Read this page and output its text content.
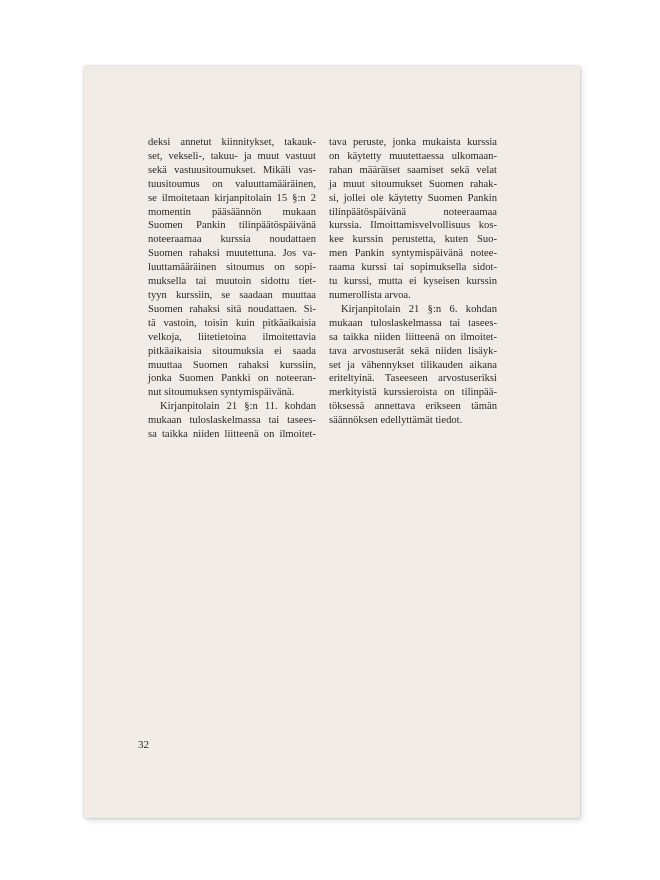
deksi annetut kiinnitykset, takauk-
set, vekseli-, takuu- ja muut vastuut
sekä vastuusitoumukset. Mikäli vas-
tuusitoumus on valuuttamääräinen,
se ilmoitetaan kirjanpitolain 15 §:n 2
momentin pääsäännön mukaan
Suomen Pankin tilinpäätöspäivänä
noteeraamaa kurssia noudattaen
Suomen rahaksi muutettuna. Jos va-
luuttamääräinen sitoumus on sopi-
muksella tai muutoin sidottu tiet-
tyyn kurssiin, se saadaan muuttaa
Suomen rahaksi sitä noudattaen. Si-
tä vastoin, toisin kuin pitkäaikaisia
velkoja, liitetietoina ilmoitettavia
pitkäaikaisia sitoumuksia ei saada
muuttaa Suomen rahaksi kurssiin,
jonka Suomen Pankki on noteeran-
nut sitoumuksen syntymispäivänä.
Kirjanpitolain 21 §:n 11. kohdan
mukaan tuloslaskelmassa tai tasees-
sa taikka niiden liitteenä on ilmoitet-
tava peruste, jonka mukaista kurssia
on käytetty muutettaessa ulkomaan-
rahan määräiset saamiset sekä velat
ja muut sitoumukset Suomen rahak-
si, jollei ole käytetty Suomen Pankin
tilinpäätöspäivänä noteeraamaa
kurssia. Ilmoittamisvelvollisuus kos-
kee kurssin perustetta, kuten Suo-
men Pankin syntymispäivänä notee-
raama kurssi tai sopimuksella sidot-
tu kurssi, mutta ei kyseisen kurssin
numerollista arvoa.
Kirjanpitolain 21 §:n 6. kohdan
mukaan tuloslaskelmassa tai tasees-
sa taikka niiden liitteenä on ilmoitet-
tava arvostuserät sekä niiden lisäyk-
set ja vähennykset tilikauden aikana
eriteltyinä. Taseeseen arvostuseriksi
merkityistä kurssieroista on tilinpää-
töksessä annettava erikseen tämän
säännöksen edellyttämät tiedot.
32
